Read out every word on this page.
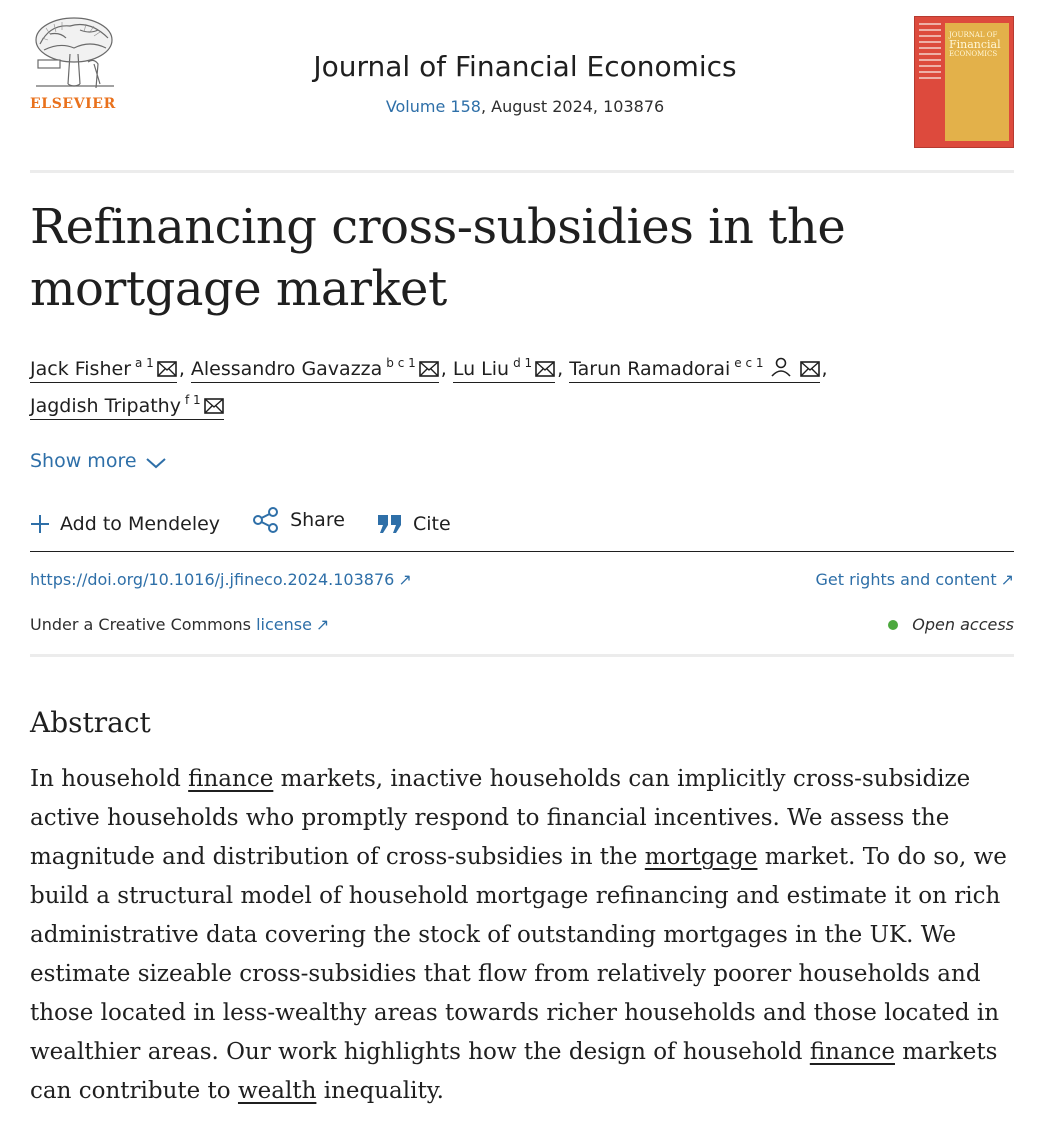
ELSEVIER
Journal of Financial Economics
Volume 158, August 2024, 103876
JOURNAL OF
Financial
ECONOMICS
Refinancing cross-subsidies in the mortgage market
Jack Fisher $^{a 1}$ , Alessandro Gavazza $^{b c 1}$ , Lu Liu $^{d 1}$ , Tarun Ramadorai $^{e c 1}$	,
Jagdish Tripathy $^{f 1}$
Show more
Add to Mendeley
	Share
	Cite
https://doi.org/10.1016/j.jfineco.2024.103876 ↗	Get rights and content ↗
Under a Creative Commons license ↗	Open access
Abstract

In household finance markets, inactive households can implicitly cross-subsidize active households who promptly respond to financial incentives. We assess the magnitude and distribution of cross-subsidies in the mortgage market. To do so, we build a structural model of household mortgage refinancing and estimate it on rich administrative data covering the stock of outstanding mortgages in the UK. We estimate sizeable cross-subsidies that flow from relatively poorer households and those located in less-wealthy areas towards richer households and those located in wealthier areas. Our work highlights how the design of household finance markets can contribute to wealth inequality.
